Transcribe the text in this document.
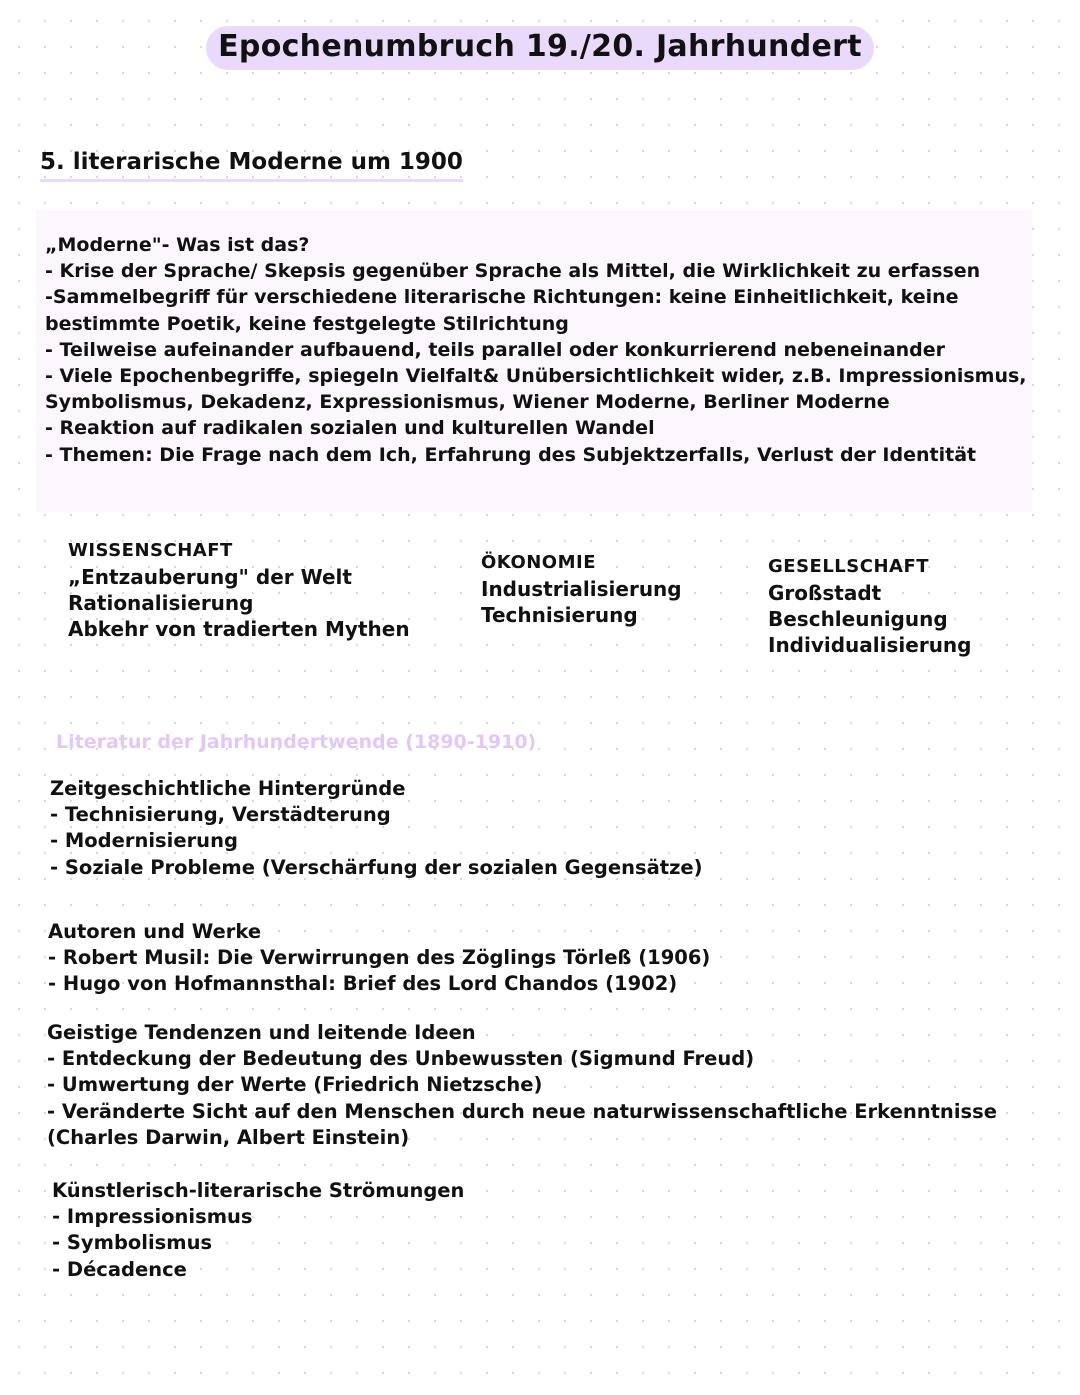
Epochenumbruch 19./20. Jahrhundert
5. literarische Moderne um 1900
„Moderne"- Was ist das?
- Krise der Sprache/ Skepsis gegenüber Sprache als Mittel, die Wirklichkeit zu erfassen
-Sammelbegriff für verschiedene literarische Richtungen: keine Einheitlichkeit, keine
bestimmte Poetik, keine festgelegte Stilrichtung
- Teilweise aufeinander aufbauend, teils parallel oder konkurrierend nebeneinander
- Viele Epochenbegriffe, spiegeln Vielfalt& Unübersichtlichkeit wider, z.B. Impressionismus,
Symbolismus, Dekadenz, Expressionismus, Wiener Moderne, Berliner Moderne
- Reaktion auf radikalen sozialen und kulturellen Wandel
- Themen: Die Frage nach dem Ich, Erfahrung des Subjektzerfalls, Verlust der Identität
WISSENSCHAFT
„Entzauberung" der Welt
Rationalisierung
Abkehr von tradierten Mythen
ÖKONOMIE
Industrialisierung
Technisierung
GESELLSCHAFT
Großstadt
Beschleunigung
Individualisierung
Literatur der Jahrhundertwende (1890-1910)
Zeitgeschichtliche Hintergründe
- Technisierung, Verstädterung
- Modernisierung
- Soziale Probleme (Verschärfung der sozialen Gegensätze)
Autoren und Werke
- Robert Musil: Die Verwirrungen des Zöglings Törleß (1906)
- Hugo von Hofmannsthal: Brief des Lord Chandos (1902)
Geistige Tendenzen und leitende Ideen
- Entdeckung der Bedeutung des Unbewussten (Sigmund Freud)
- Umwertung der Werte (Friedrich Nietzsche)
- Veränderte Sicht auf den Menschen durch neue naturwissenschaftliche Erkenntnisse
(Charles Darwin, Albert Einstein)
Künstlerisch-literarische Strömungen
- Impressionismus
- Symbolismus
- Décadence
